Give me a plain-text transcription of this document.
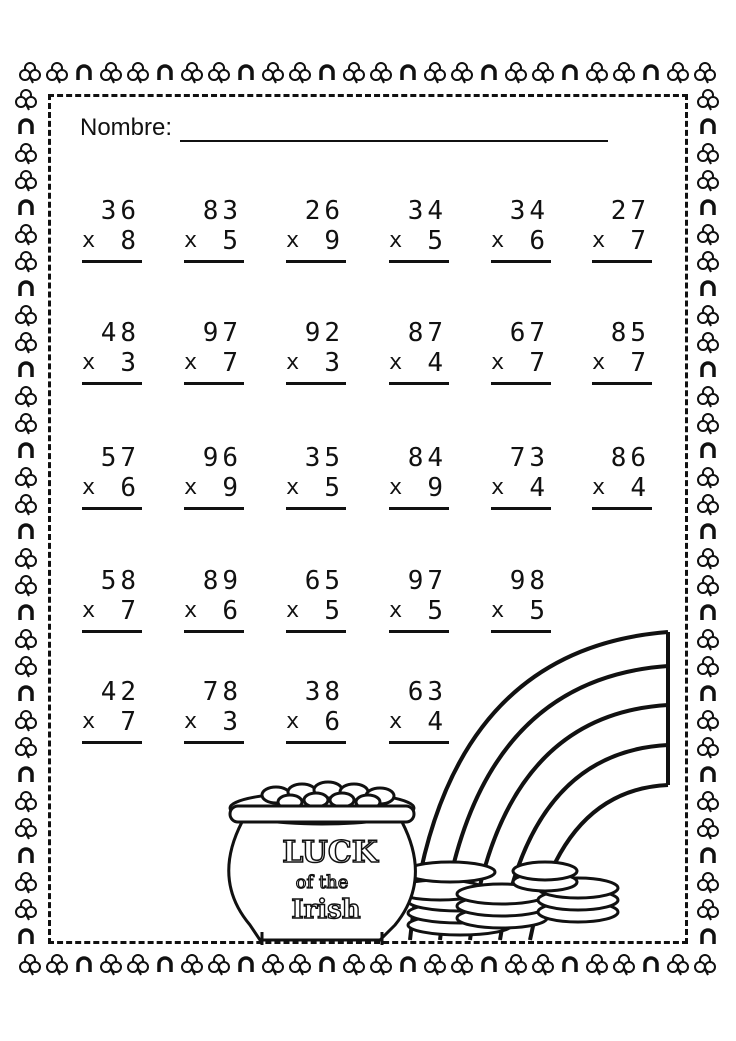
Nombre:
36
x 8
83
x 5
26
x 9
34
x 5
34
x 6
27
x 7
48
x 3
97
x 7
92
x 3
87
x 4
67
x 7
85
x 7
57
x 6
96
x 9
35
x 5
84
x 9
73
x 4
86
x 4
58
x 7
89
x 6
65
x 5
97
x 5
98
x 5
42
x 7
78
x 3
38
x 6
63
x 4
LUCK
of the
Irish
